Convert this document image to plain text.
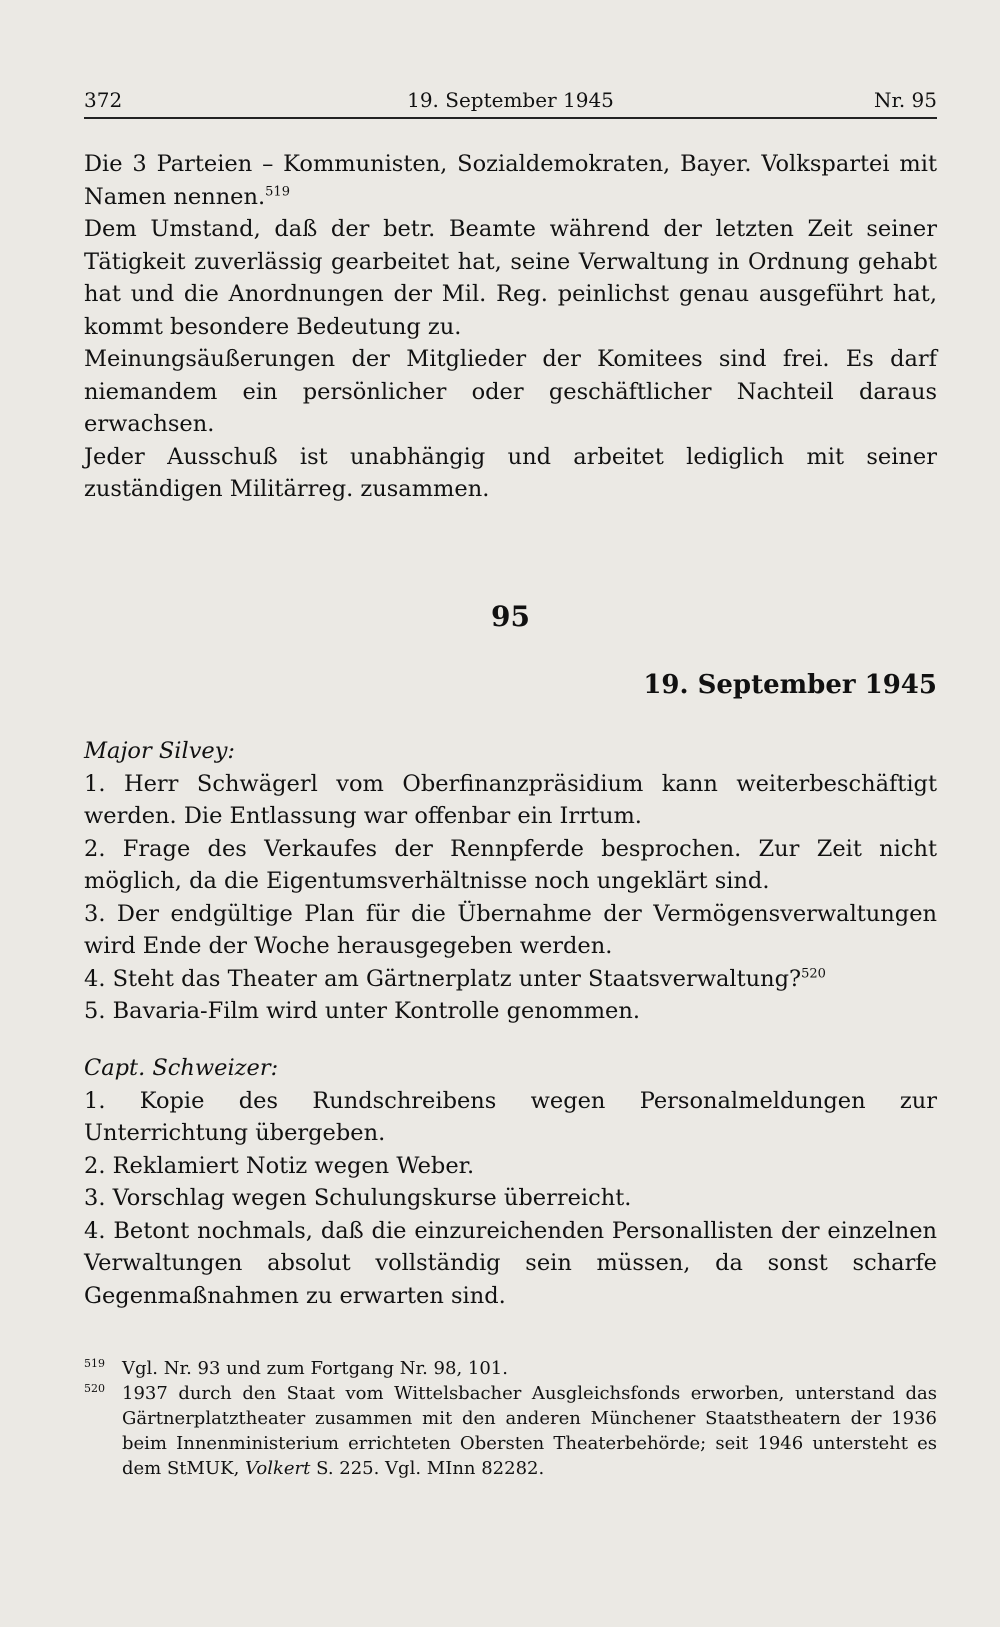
372	19. September 1945	Nr. 95

Die 3 Parteien – Kommunisten, Sozialdemokraten, Bayer. Volkspartei mit Namen nennen.$^{519}$

Dem Umstand, daß der betr. Beamte während der letzten Zeit seiner Tätigkeit zuverlässig gearbeitet hat, seine Verwaltung in Ordnung gehabt hat und die Anordnungen der Mil. Reg. peinlichst genau ausgeführt hat, kommt besondere Bedeutung zu.

Meinungsäußerungen der Mitglieder der Komitees sind frei. Es darf niemandem ein persönlicher oder geschäftlicher Nachteil daraus erwachsen.

Jeder Ausschuß ist unabhängig und arbeitet lediglich mit seiner zuständigen Militärreg. zusammen.

95
19. September 1945

Major Silvey:

1. Herr Schwägerl vom Oberfinanzpräsidium kann weiterbeschäftigt werden. Die Entlassung war offenbar ein Irrtum.

2. Frage des Verkaufes der Rennpferde besprochen. Zur Zeit nicht möglich, da die Eigentumsverhältnisse noch ungeklärt sind.

3. Der endgültige Plan für die Übernahme der Vermögensverwaltungen wird Ende der Woche herausgegeben werden.

4. Steht das Theater am Gärtnerplatz unter Staatsverwaltung?$^{520}$

5. Bavaria-Film wird unter Kontrolle genommen.

Capt. Schweizer:

1. Kopie des Rundschreibens wegen Personalmeldungen zur Unterrichtung übergeben.

2. Reklamiert Notiz wegen Weber.

3. Vorschlag wegen Schulungskurse überreicht.

4. Betont nochmals, daß die einzureichenden Personallisten der einzelnen Verwaltungen absolut vollständig sein müssen, da sonst scharfe Gegenmaßnahmen zu erwarten sind.

519 Vgl. Nr. 93 und zum Fortgang Nr. 98, 101.

520 1937 durch den Staat vom Wittelsbacher Ausgleichsfonds erworben, unterstand das Gärtnerplatztheater zusammen mit den anderen Münchener Staatstheatern der 1936 beim Innenministerium errichteten Obersten Theaterbehörde; seit 1946 untersteht es dem StMUK, Volkert S. 225. Vgl. MInn 82282.
